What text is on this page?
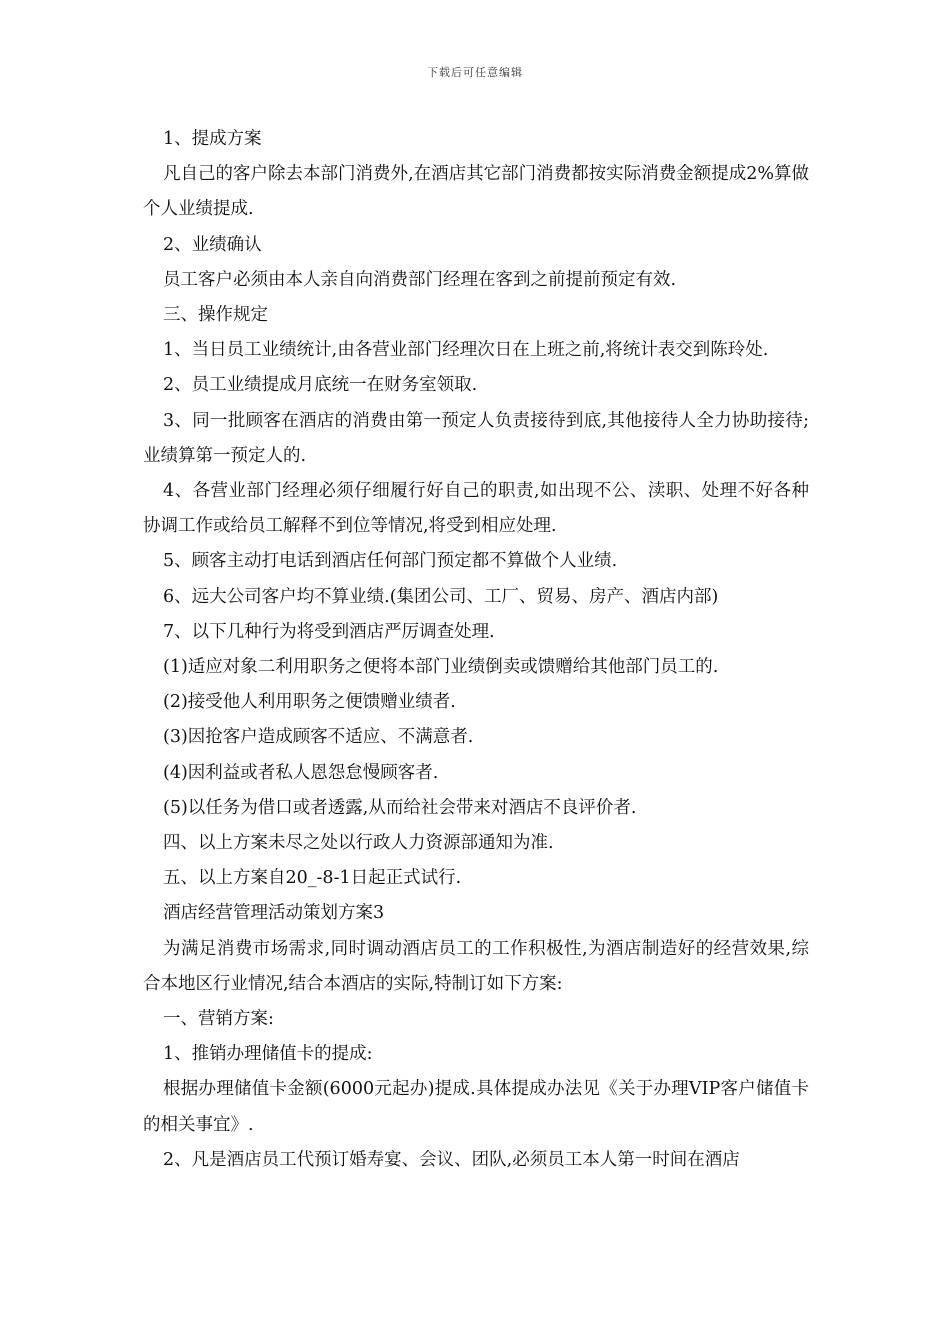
下载后可任意编辑

1、提成方案

凡自己的客户除去本部门消费外,在酒店其它部门消费都按实际消费金额提成2%算做个人业绩提成.

2、业绩确认

员工客户必须由本人亲自向消费部门经理在客到之前提前预定有效.

三、操作规定

1、当日员工业绩统计,由各营业部门经理次日在上班之前,将统计表交到陈玲处.

2、员工业绩提成月底统一在财务室领取.

3、同一批顾客在酒店的消费由第一预定人负责接待到底,其他接待人全力协助接待;业绩算第一预定人的.

4、各营业部门经理必须仔细履行好自己的职责,如出现不公、渎职、处理不好各种协调工作或给员工解释不到位等情况,将受到相应处理.

5、顾客主动打电话到酒店任何部门预定都不算做个人业绩.

6、远大公司客户均不算业绩.(集团公司、工厂、贸易、房产、酒店内部)

7、以下几种行为将受到酒店严厉调查处理.

(1)适应对象二利用职务之便将本部门业绩倒卖或馈赠给其他部门员工的.

(2)接受他人利用职务之便馈赠业绩者.

(3)因抢客户造成顾客不适应、不满意者.

(4)因利益或者私人恩怨怠慢顾客者.

(5)以任务为借口或者透露,从而给社会带来对酒店不良评价者.

四、以上方案未尽之处以行政人力资源部通知为准.

五、以上方案自20_-8-1日起正式试行.

酒店经营管理活动策划方案3

为满足消费市场需求,同时调动酒店员工的工作积极性,为酒店制造好的经营效果,综合本地区行业情况,结合本酒店的实际,特制订如下方案:

一、营销方案:

1、推销办理储值卡的提成:

根据办理储值卡金额(6000元起办)提成.具体提成办法见《关于办理VIP客户储值卡的相关事宜》.

2、凡是酒店员工代预订婚寿宴、会议、团队,必须员工本人第一时间在酒店
